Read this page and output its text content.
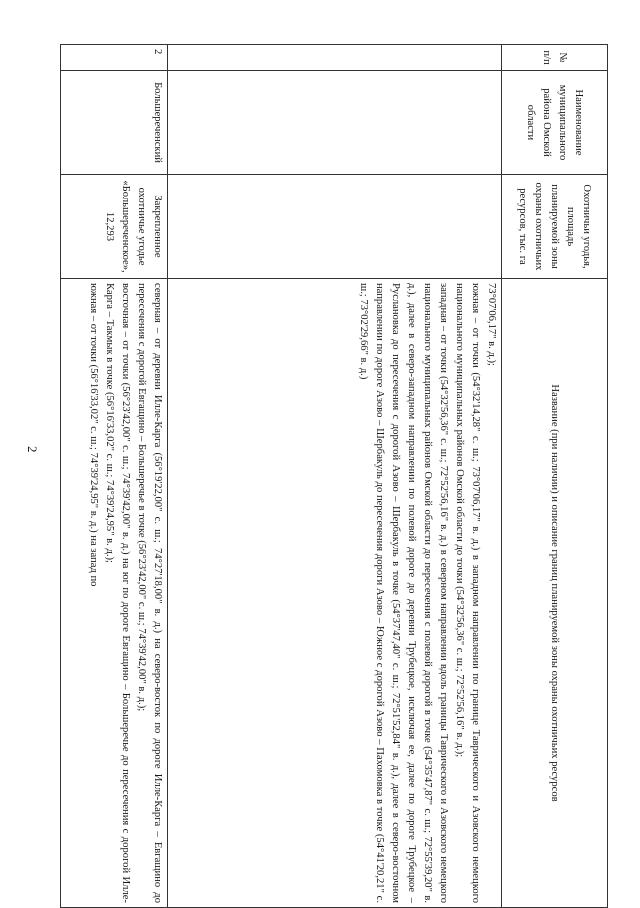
2

№ п/п	Наименование муниципального района Омской области	Охотничьи угодья, площадь планируемой зоны охраны охотничьих ресурсов, тыс. га	Название (при наличии) и описание границ планируемой зоны охраны охотничьих ресурсов

			73°07'06,17" в. д.);
южная – от точки (54°32'14,28" с. ш.; 73°07'06,17" в. д.) в западном направлении по границе Таврического и Азовского немецкого национального муниципальных районов Омской области до точки (54°32'56,36" с. ш.; 72°52'56,16" в. д.);
западная – от точки (54°32'56,36" с. ш.; 72°52'56,16" в. д.) в северном направлении вдоль границы Таврического и Азовского немецкого национального муниципальных районов Омской области до пересечения с полевой дорогой в точке (54°35'47,87" с. ш.; 72°55'39,20" в. д.), далее в северо-западном направлении по полевой дороге до деревни Трубецкое, исключая ее, далее по дороге Трубецкое – Руслановка до пересечения с дорогой Азово – Шербакуль в точке (54°37'47,40" с. ш.; 72°51'52,84" в. д.), далее в северо-восточном направлении по дороге Азово – Шербакуль до пересечения дороги Азово – Южное с дорогой Азово – Пахомовка в точке (54°41'20,21" с. ш.; 73°02'29,66" в. д.)

2	Большереченский	Закрепленное охотничье угодье «Большереченское», 12,293	северная – от деревни Илле-Карга (56°19'22,00" с. ш.; 74°27'18,00" в. д.) на северо-восток по дороге Илле-Карга – Евгащино до пересечения с дорогой Евгащино – Большеречье в точке (56°23'42,00" с. ш.; 74°39'42,00" в. д.);
восточная – от точки (56°23'42,00" с. ш.; 74°39'42,00" в. д.) на юг по дороге Евгащино – Большеречье до пересечения с дорогой Илле-Карга – Такмык в точке (56°16'33,02" с. ш.; 74°39'24,95" в. д.);
южная – от точки (56°16'33,02" с. ш.; 74°39'24,95" в. д.) на запад по
